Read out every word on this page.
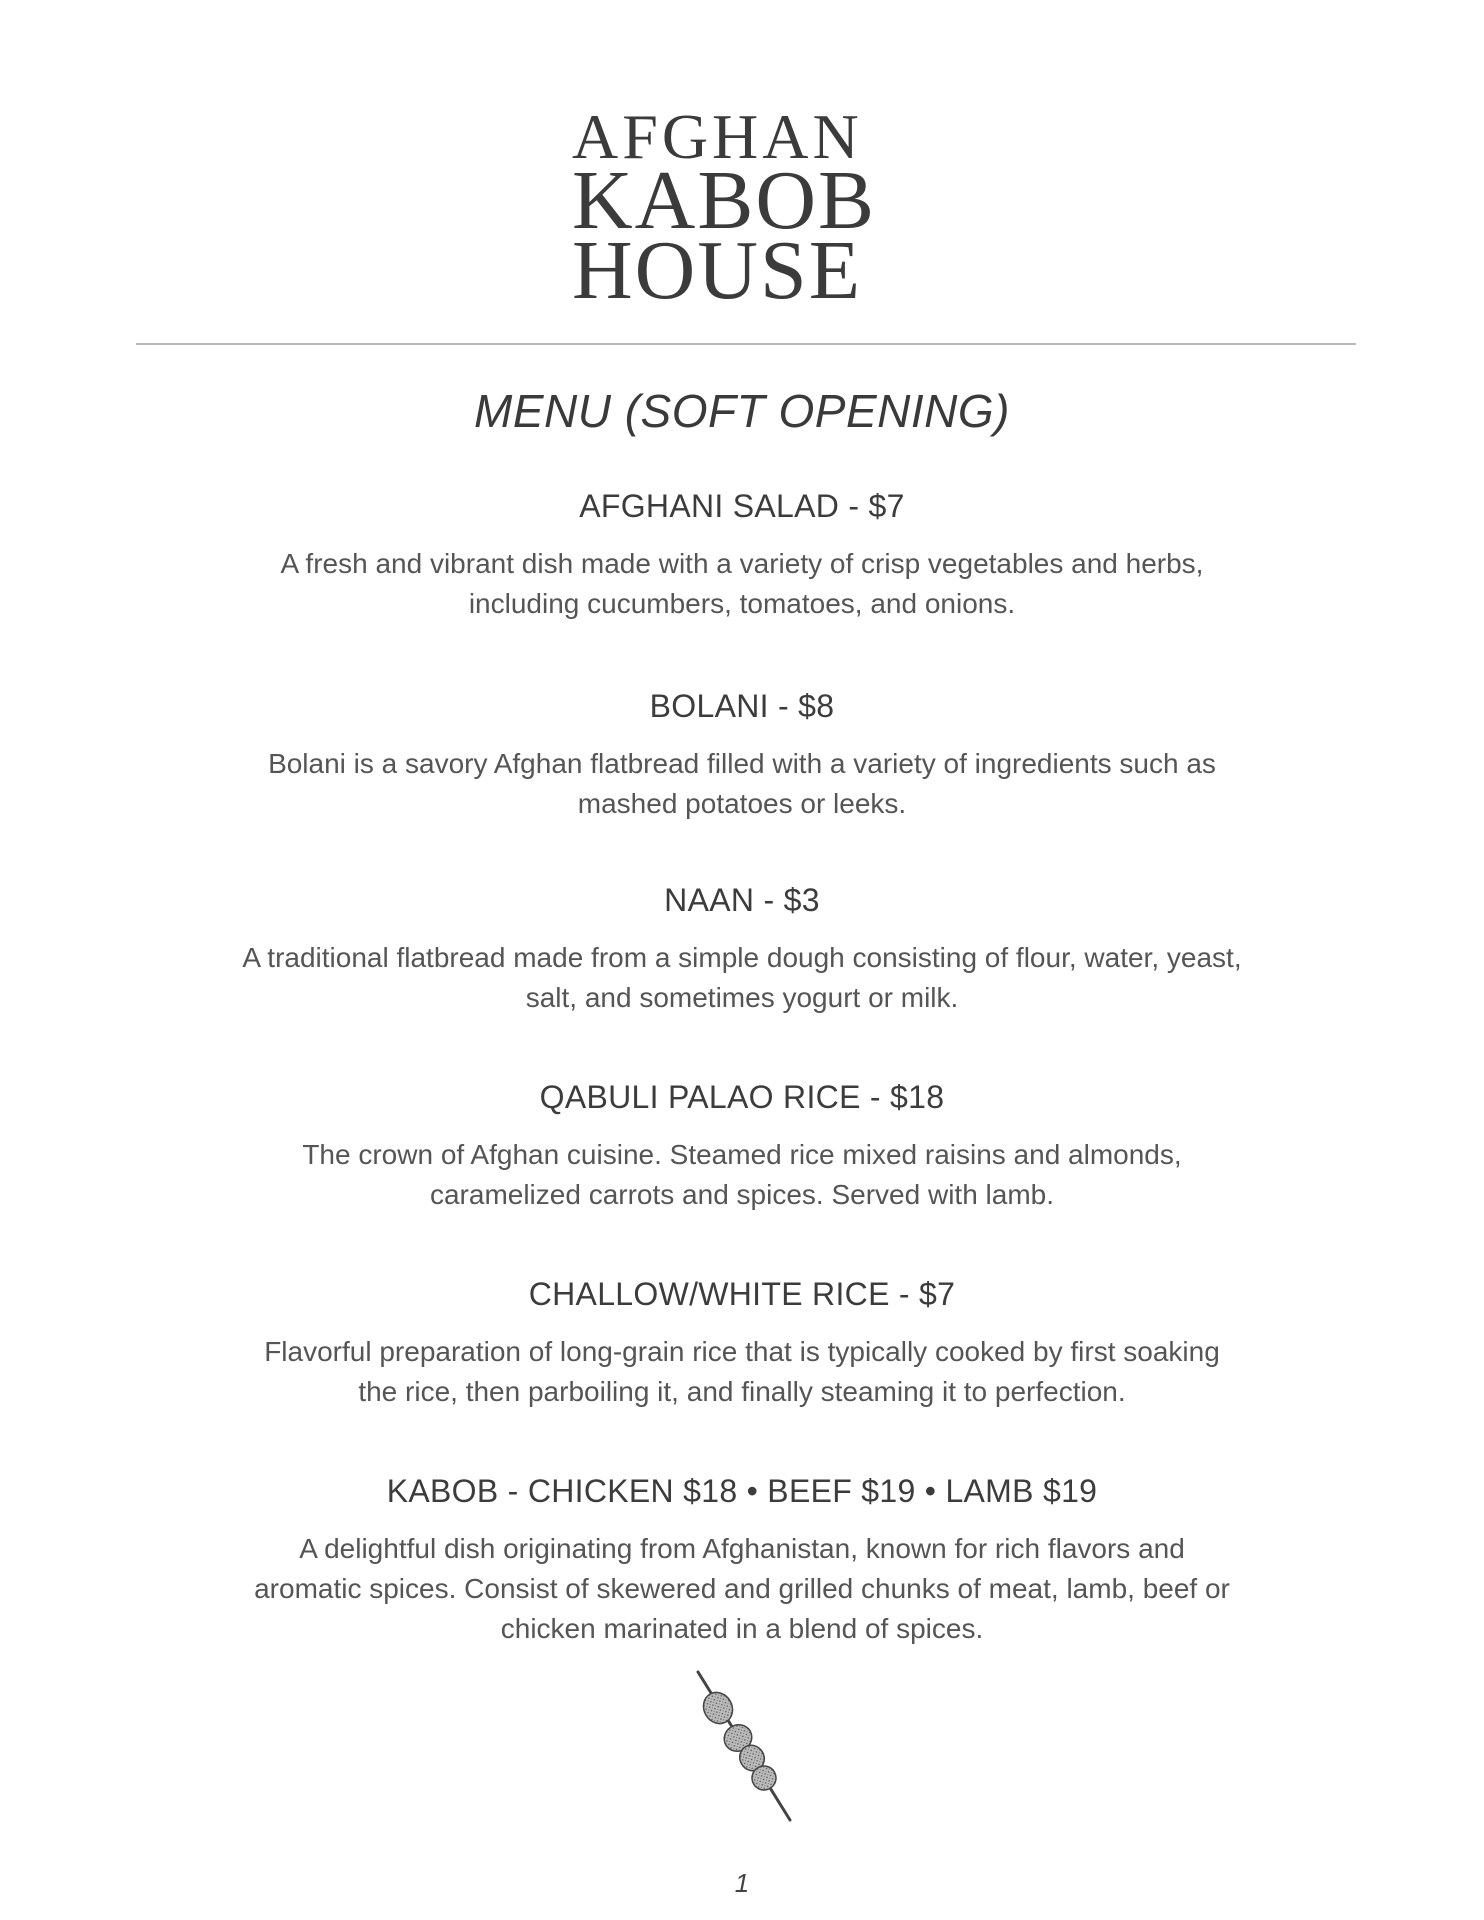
AFGHAN
KABOB
HOUSE
MENU (SOFT OPENING)
AFGHANI SALAD - $7
A fresh and vibrant dish made with a variety of crisp vegetables and herbs, including cucumbers, tomatoes, and onions.
BOLANI - $8
Bolani is a savory Afghan flatbread filled with a variety of ingredients such as mashed potatoes or leeks.
NAAN - $3
A traditional flatbread made from a simple dough consisting of flour, water, yeast, salt, and sometimes yogurt or milk.
QABULI PALAO RICE - $18
The crown of Afghan cuisine. Steamed rice mixed raisins and almonds, caramelized carrots and spices. Served with lamb.
CHALLOW/WHITE RICE - $7
Flavorful preparation of long-grain rice that is typically cooked by first soaking the rice, then parboiling it, and finally steaming it to perfection.
KABOB - CHICKEN $18 • BEEF $19 • LAMB $19
A delightful dish originating from Afghanistan, known for rich flavors and aromatic spices. Consist of skewered and grilled chunks of meat, lamb, beef or chicken marinated in a blend of spices.
1
